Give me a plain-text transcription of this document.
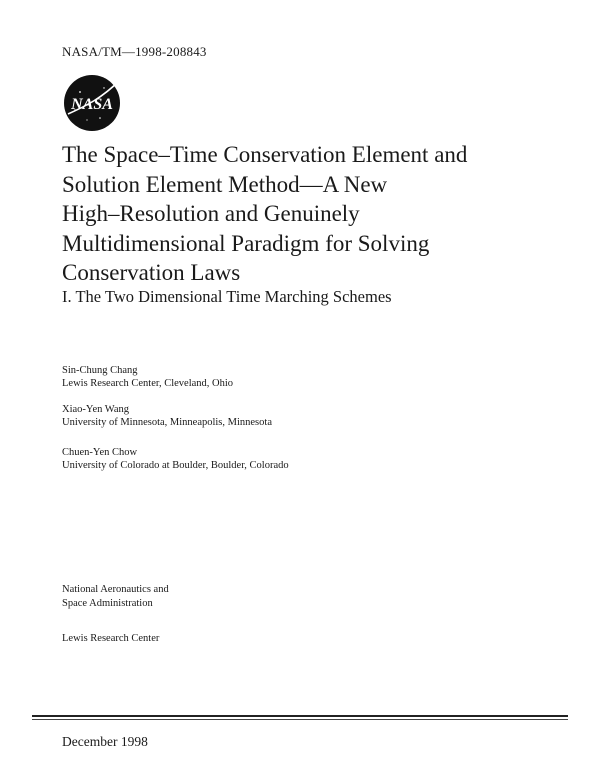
NASA/TM—1998-208843
NASA
The Space–Time Conservation Element and
Solution Element Method—A New
High–Resolution and Genuinely
Multidimensional Paradigm for Solving
Conservation Laws
I. The Two Dimensional Time Marching Schemes
Sin-Chung Chang
Lewis Research Center, Cleveland, Ohio
Xiao-Yen Wang
University of Minnesota, Minneapolis, Minnesota
Chuen-Yen Chow
University of Colorado at Boulder, Boulder, Colorado
National Aeronautics and
Space Administration
Lewis Research Center
December 1998
